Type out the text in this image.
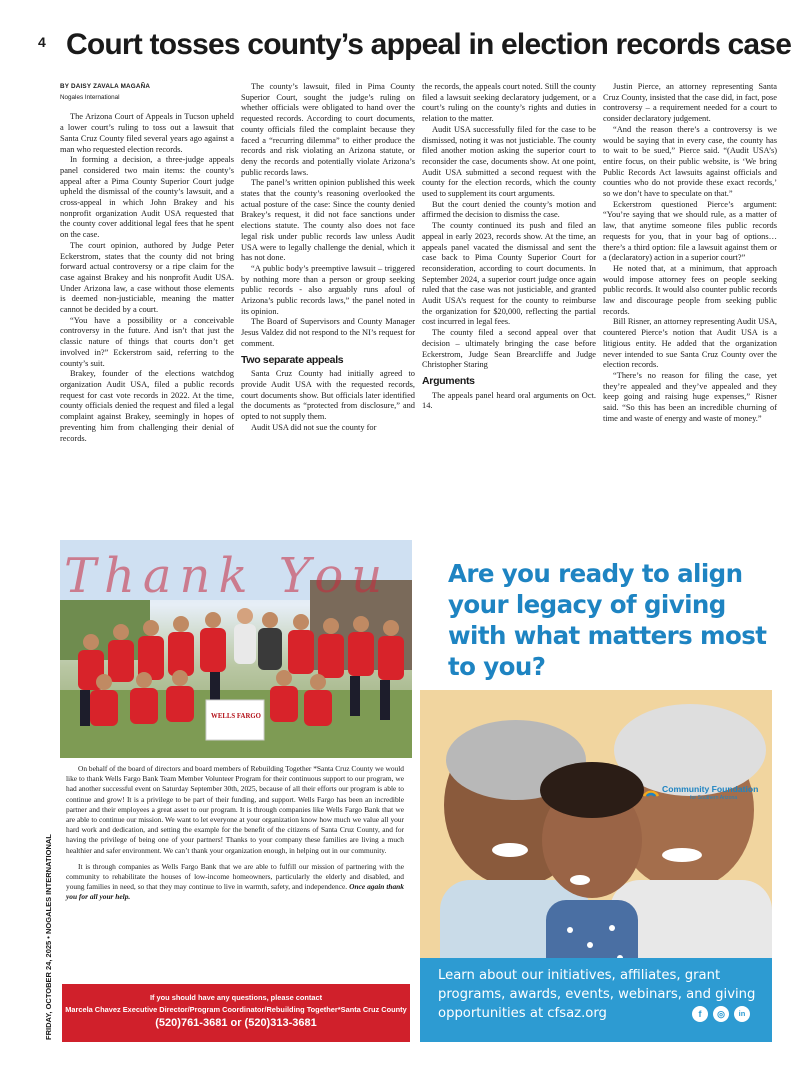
4 Court tosses county’s appeal in election records case

BY DAISY ZAVALA MAGAÑA

Nogales International

The Arizona Court of Appeals in Tucson upheld a lower court’s ruling to toss out a lawsuit that Santa Cruz County filed several years ago against a man who requested election records.

In forming a decision, a three-judge appeals panel considered two main items: the county’s appeal after a Pima County Superior Court judge upheld the dismissal of the county’s lawsuit, and a cross-appeal in which John Brakey and his nonprofit organization Audit USA requested that the county cover additional legal fees that he spent on the case.

The court opinion, authored by Judge Peter Eckerstrom, states that the county did not bring forward actual controversy or a ripe claim for the case against Brakey and his nonprofit Audit USA. Under Arizona law, a case without those elements is deemed non-justiciable, meaning the matter cannot be decided by a court.

“You have a possibility or a conceivable controversy in the future. And isn’t that just the classic nature of things that courts don’t get involved in?” Eckerstrom said, referring to the county’s suit.

Brakey, founder of the elections watchdog organization Audit USA, filed a public records request for cast vote records in 2022. At the time, county officials denied the request and filed a legal complaint against Brakey, seemingly in hopes of preventing him from challenging their denial of records.

The county’s lawsuit, filed in Pima County Superior Court, sought the judge’s ruling on whether officials were obligated to hand over the requested records. According to court documents, county officials filed the complaint because they faced a “recurring dilemma” to either produce the records and risk violating an Arizona statute, or deny the records and potentially violate Arizona’s public records laws.

The panel’s written opinion published this week states that the county’s reasoning overlooked the actual posture of the case: Since the county denied Brakey’s request, it did not face sanctions under elections statute. The county also does not face legal risk under public records law unless Audit USA were to legally challenge the denial, which it has not done.

“A public body’s preemptive lawsuit – triggered by nothing more than a person or group seeking public records - also arguably runs afoul of Arizona’s public records laws,” the panel noted in its opinion.

The Board of Supervisors and County Manager Jesus Valdez did not respond to the NI’s request for comment.

Two separate appeals

Santa Cruz County had initially agreed to provide Audit USA with the requested records, court documents show. But officials later identified the documents as “protected from disclosure,” and opted to not supply them.

Audit USA did not sue the county for

the records, the appeals court noted. Still the county filed a lawsuit seeking declaratory judgement, or a court’s ruling on the county’s rights and duties in relation to the matter.

Audit USA successfully filed for the case to be dismissed, noting it was not justiciable. The county filed another motion asking the superior court to reconsider the case, documents show. At one point, Audit USA submitted a second request with the county for the election records, which the county used to supplement its court arguments.

But the court denied the county’s motion and affirmed the decision to dismiss the case.

The county continued its push and filed an appeal in early 2023, records show. At the time, an appeals panel vacated the dismissal and sent the case back to Pima County Superior Court for reconsideration, according to court documents. In September 2024, a superior court judge once again ruled that the case was not justiciable, and granted Audit USA’s request for the county to reimburse the organization for $20,000, reflecting the partial cost incurred in legal fees.

The county filed a second appeal over that decision – ultimately bringing the case before Eckerstrom, Judge Sean Brearcliffe and Judge Christopher Staring

Arguments

The appeals panel heard oral arguments on Oct. 14.

Justin Pierce, an attorney representing Santa Cruz County, insisted that the case did, in fact, pose controversy – a requirement needed for a court to consider declaratory judgement.

“And the reason there’s a controversy is we would be saying that in every case, the county has to wait to be sued,” Pierce said. “(Audit USA’s) entire focus, on their public website, is ‘We bring Public Records Act lawsuits against officials and counties who do not provide these exact records,’ so we don’t have to speculate on that.”

Eckerstrom questioned Pierce’s argument: “You’re saying that we should rule, as a matter of law, that anytime someone files public records requests for you, that in your bag of options… there’s a third option: file a lawsuit against them or a (declaratory) action in a superior court?”

He noted that, at a minimum, that approach would impose attorney fees on people seeking public records. It would also counter public records law and discourage people from seeking public records.

Bill Risner, an attorney representing Audit USA, countered Pierce’s notion that Audit USA is a litigious entity. He added that the organization never intended to sue Santa Cruz County over the election records.

“There’s no reason for filing the case, yet they’re appealed and they’ve appealed and they keep going and raising huge expenses,” Risner said. “So this has been an incredible churning of time and waste of energy and waste of money.”

FRIDAY, OCTOBER 24, 2025 • NOGALES INTERNATIONAL
Thank You
WELLS FARGO

On behalf of the board of directors and board members of Rebuilding Together *Santa Cruz County we would like to thank Wells Fargo Bank Team Member Volunteer Program for their continuous support to our program, we had another successful event on Saturday September 30th, 2025, because of all their efforts our program is able to continue and grow! It is a privilege to be part of their funding, and support. Wells Fargo has been an incredible partner and their employees a great asset to our program. It is through companies like Wells Fargo Bank that we are able to continue our mission. We want to let everyone at your organization know how much we value all your hard work and dedication, and setting the example for the benefit of the citizens of Santa Cruz County, and for having the privilege of being one of your partners! Thanks to your company these families are living a much healthier and safer environment. We can’t thank your organization enough, in helping out in our community.

It is through companies as Wells Fargo Bank that we are able to fulfill our mission of partnering with the community to rehabilitate the houses of low-income homeowners, particularly the elderly and disabled, and young families in need, so that they may continue to live in warmth, safety, and independence. Once again thank you for all your help.

If you should have any questions, please contact
Marcela Chavez Executive Director/Program Coordinator/Rebuilding Together*Santa Cruz County
(520)761-3681 or (520)313-3681
Are you ready to align your legacy of giving with what matters most to you?
Community Foundation
for Southern Arizona
Learn about our initiatives, affiliates, grant programs, awards, events, webinars, and giving opportunities at cfsaz.org	f	◎	in
